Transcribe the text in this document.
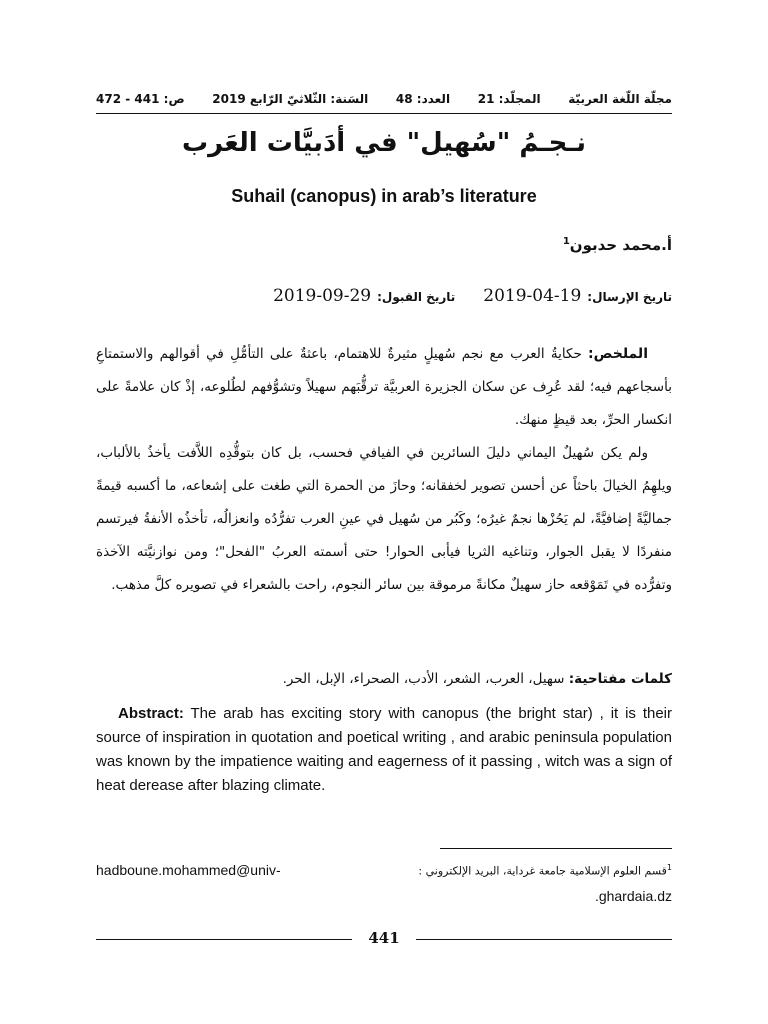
ص: 441 - 472 السَنة: الثّلاثيّ الرّابع 2019 العدد: 48 المجلّد: 21 مجلّة اللّغة العربيّة
نـجـمُ "سُهيل" في أدَبيَّات العَرب
Suhail (canopus) in arab’s literature
أ.محمد حدبون$^1$
تاريخ الإرسال:
2019-04-19
تاريخ القبول:
2019-09-29

الملخص: حكايةُ العرب مع نجم سُهيلٍ مثيرةٌ للاهتمام، باعثةٌ على التأمُّلِ في أقوالهم والاستمتاعِ بأسجاعهم فيه؛ لقد عُرِف عن سكان الجزيرة العربيَّة ترقُّبَهم سهيلاً وتشوُّفهم لطُلوعه، إذْ كان علامةً على انكسار الحرِّ، بعد قيظٍ منهك.

ولم يكن سُهيلٌ اليماني دليلَ السائرين في الفيافي فحسب، بل كان بتوقُّدِه اللاَّفت يأخذُ بالألباب، ويلهِمُ الخيالَ باحثاً عن أحسن تصوير لخفقانه؛ وحازَ من الحمرة التي طغت على إشعاعه، ما أكسبه قيمةً جماليَّةً إضافيَّةً، لم يَحُزْها نجمٌ غيرُه؛ وكَبُر من سُهيل في عينِ العرب تفرُّدُه وانعزالُه، تأخذُه الأنفةُ فيرتسم منفردًا لا يقبل الجوار، وتناغيه الثريا فيأبى الحوار! حتى أسمته العربُ "الفحل"؛ ومن نوازنيَّته الآخذة وتفرُّده في تَمَوْقعه حاز سهيلٌ مكانةً مرموقة بين سائر النجوم، راحت بالشعراء في تصويره كلَّ مذهب.

كلمات مفتاحية: سهيل، العرب، الشعر، الأدب، الصحراء، الإبل، الحر.
Abstract: The arab has exciting story with canopus (the bright star) , it is their source of inspiration in quotation and poetical writing , and arabic peninsula population was known by the impatience waiting and eagerness of it passing , witch was a sign of heat derease after blazing climate.
hadboune.mohammed@univ-	$^1$قسم العلوم الإسلامية جامعة غرداية، البريد الإلكتروني :
.ghardaia.dz
441
